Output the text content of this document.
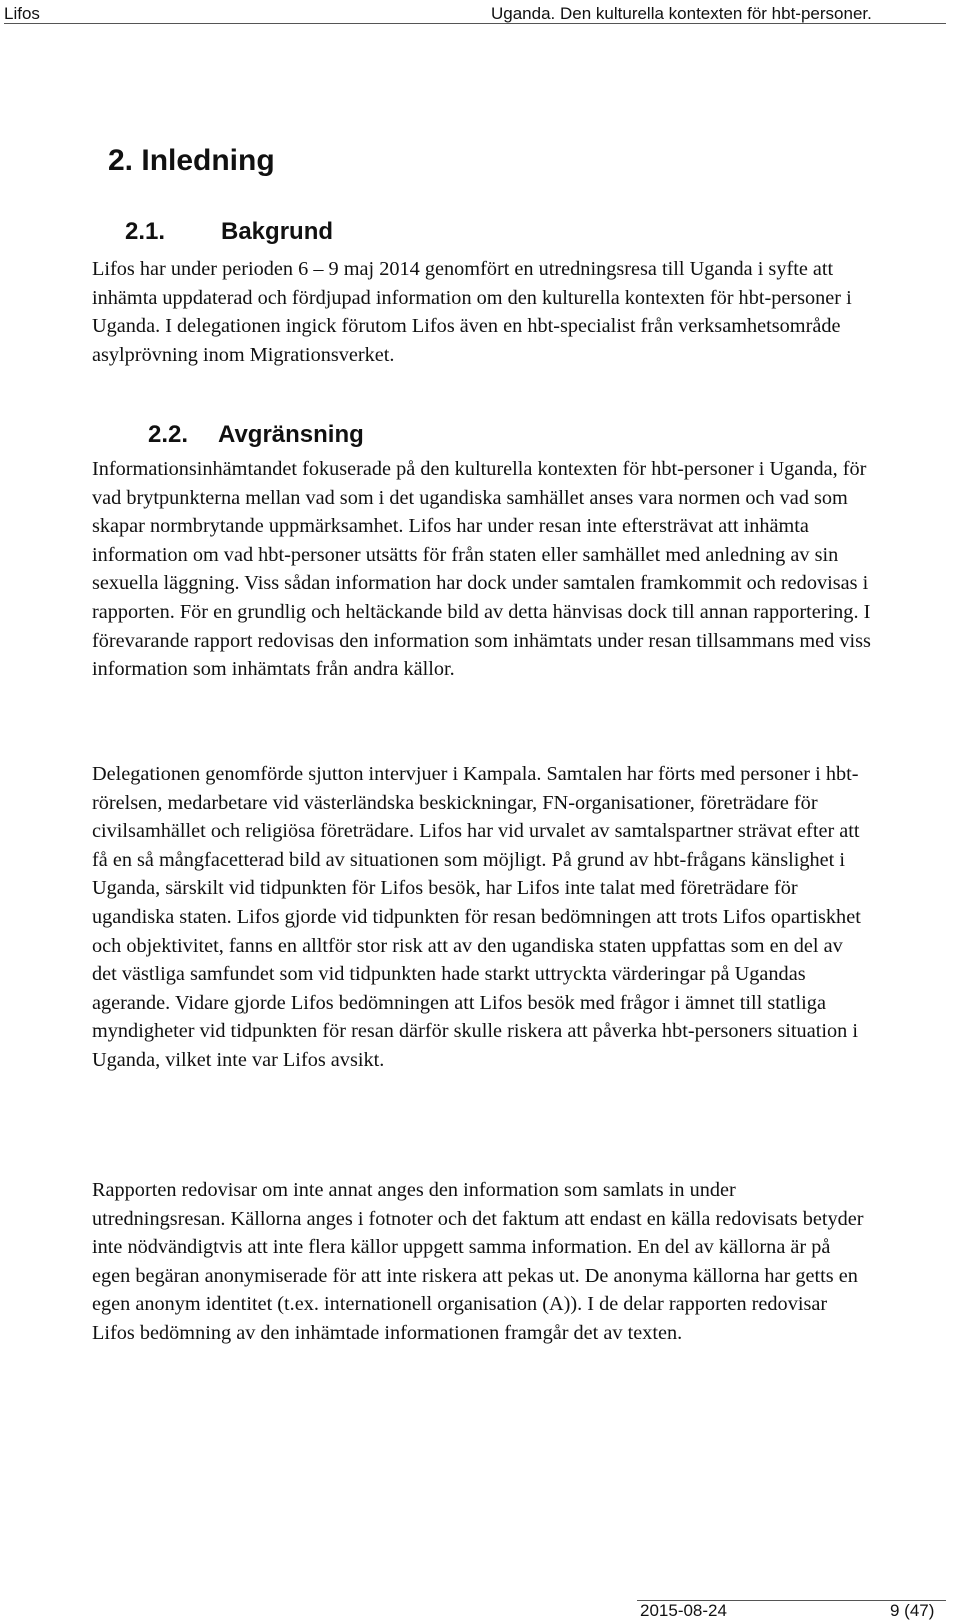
Lifos	Uganda. Den kulturella kontexten för hbt-personer.
2. Inledning
2.1. Bakgrund

Lifos har under perioden 6 – 9 maj 2014 genomfört en utredningsresa till Uganda i syfte att inhämta uppdaterad och fördjupad information om den kulturella kontexten för hbt-personer i Uganda. I delegationen ingick förutom Lifos även en hbt-specialist från verksamhetsområde asylprövning inom Migrationsverket.

2.2. Avgränsning

Informationsinhämtandet fokuserade på den kulturella kontexten för hbt-personer i Uganda, för vad brytpunkterna mellan vad som i det ugandiska samhället anses vara normen och vad som skapar normbrytande uppmärksamhet. Lifos har under resan inte eftersträvat att inhämta information om vad hbt-personer utsätts för från staten eller samhället med anledning av sin sexuella läggning. Viss sådan information har dock under samtalen framkommit och redovisas i rapporten. För en grundlig och heltäckande bild av detta hänvisas dock till annan rapportering. I förevarande rapport redovisas den information som inhämtats under resan tillsammans med viss information som inhämtats från andra källor.

Delegationen genomförde sjutton intervjuer i Kampala. Samtalen har förts med personer i hbt-rörelsen, medarbetare vid västerländska beskickningar, FN-organisationer, företrädare för civilsamhället och religiösa företrädare. Lifos har vid urvalet av samtalspartner strävat efter att få en så mångfacetterad bild av situationen som möjligt. På grund av hbt-frågans känslighet i Uganda, särskilt vid tidpunkten för Lifos besök, har Lifos inte talat med företrädare för ugandiska staten. Lifos gjorde vid tidpunkten för resan bedömningen att trots Lifos opartiskhet och objektivitet, fanns en alltför stor risk att av den ugandiska staten uppfattas som en del av det västliga samfundet som vid tidpunkten hade starkt uttryckta värderingar på Ugandas agerande. Vidare gjorde Lifos bedömningen att Lifos besök med frågor i ämnet till statliga myndigheter vid tidpunkten för resan därför skulle riskera att påverka hbt-personers situation i Uganda, vilket inte var Lifos avsikt.

Rapporten redovisar om inte annat anges den information som samlats in under utredningsresan. Källorna anges i fotnoter och det faktum att endast en källa redovisats betyder inte nödvändigtvis att inte flera källor uppgett samma information. En del av källorna är på egen begäran anonymiserade för att inte riskera att pekas ut. De anonyma källorna har getts en egen anonym identitet (t.ex. internationell organisation (A)). I de delar rapporten redovisar Lifos bedömning av den inhämtade informationen framgår det av texten.

2015-08-24	9 (47)
